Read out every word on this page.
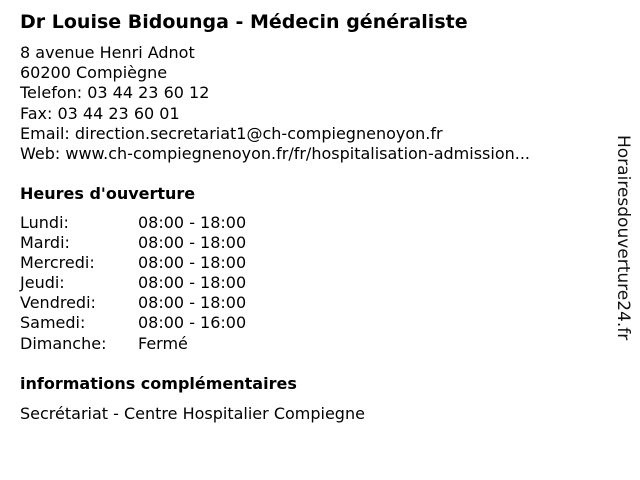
Dr Louise Bidounga - Médecin généraliste
8 avenue Henri Adnot
60200 Compiègne
Telefon: 03 44 23 60 12
Fax: 03 44 23 60 01
Email: direction.secretariat1@ch-compiegnenoyon.fr
Web: www.ch-compiegnenoyon.fr/fr/hospitalisation-admission...
Heures d'ouverture
Lundi:	08:00 - 18:00
Mardi:	08:00 - 18:00
Mercredi:	08:00 - 18:00
Jeudi:	08:00 - 18:00
Vendredi:	08:00 - 18:00
Samedi:	08:00 - 16:00
Dimanche: Fermé
informations complémentaires
Secrétariat - Centre Hospitalier Compiegne
Horairesdouverture24.fr
